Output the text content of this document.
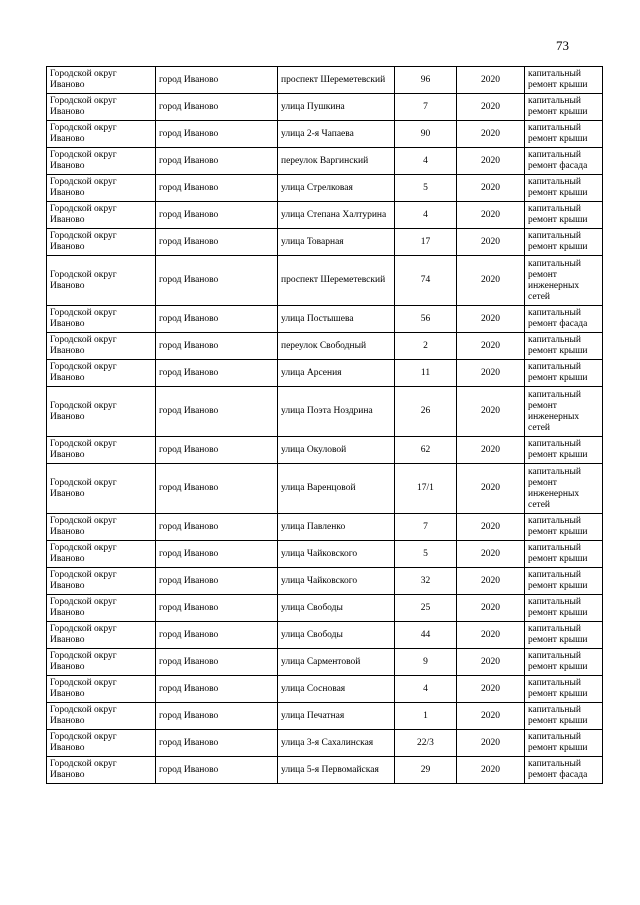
73
Городской округ Иваново	город Иваново	проспект Шереметевский	96	2020	капитальный ремонт крыши
Городской округ Иваново	город Иваново	улица Пушкина	7	2020	капитальный ремонт крыши
Городской округ Иваново	город Иваново	улица 2-я Чапаева	90	2020	капитальный ремонт крыши
Городской округ Иваново	город Иваново	переулок Варгинский	4	2020	капитальный ремонт фасада
Городской округ Иваново	город Иваново	улица Стрелковая	5	2020	капитальный ремонт крыши
Городской округ Иваново	город Иваново	улица Степана Халтурина	4	2020	капитальный ремонт крыши
Городской округ Иваново	город Иваново	улица Товарная	17	2020	капитальный ремонт крыши
Городской округ Иваново	город Иваново	проспект Шереметевский	74	2020	капитальный ремонт инженерных сетей
Городской округ Иваново	город Иваново	улица Постышева	56	2020	капитальный ремонт фасада
Городской округ Иваново	город Иваново	переулок Свободный	2	2020	капитальный ремонт крыши
Городской округ Иваново	город Иваново	улица Арсения	11	2020	капитальный ремонт крыши
Городской округ Иваново	город Иваново	улица Поэта Ноздрина	26	2020	капитальный ремонт инженерных сетей
Городской округ Иваново	город Иваново	улица Окуловой	62	2020	капитальный ремонт крыши
Городской округ Иваново	город Иваново	улица Варенцовой	17/1	2020	капитальный ремонт инженерных сетей
Городской округ Иваново	город Иваново	улица Павленко	7	2020	капитальный ремонт крыши
Городской округ Иваново	город Иваново	улица Чайковского	5	2020	капитальный ремонт крыши
Городской округ Иваново	город Иваново	улица Чайковского	32	2020	капитальный ремонт крыши
Городской округ Иваново	город Иваново	улица Свободы	25	2020	капитальный ремонт крыши
Городской округ Иваново	город Иваново	улица Свободы	44	2020	капитальный ремонт крыши
Городской округ Иваново	город Иваново	улица Сарментовой	9	2020	капитальный ремонт крыши
Городской округ Иваново	город Иваново	улица Сосновая	4	2020	капитальный ремонт крыши
Городской округ Иваново	город Иваново	улица Печатная	1	2020	капитальный ремонт крыши
Городской округ Иваново	город Иваново	улица 3-я Сахалинская	22/3	2020	капитальный ремонт крыши
Городской округ Иваново	город Иваново	улица 5-я Первомайская	29	2020	капитальный ремонт фасада
